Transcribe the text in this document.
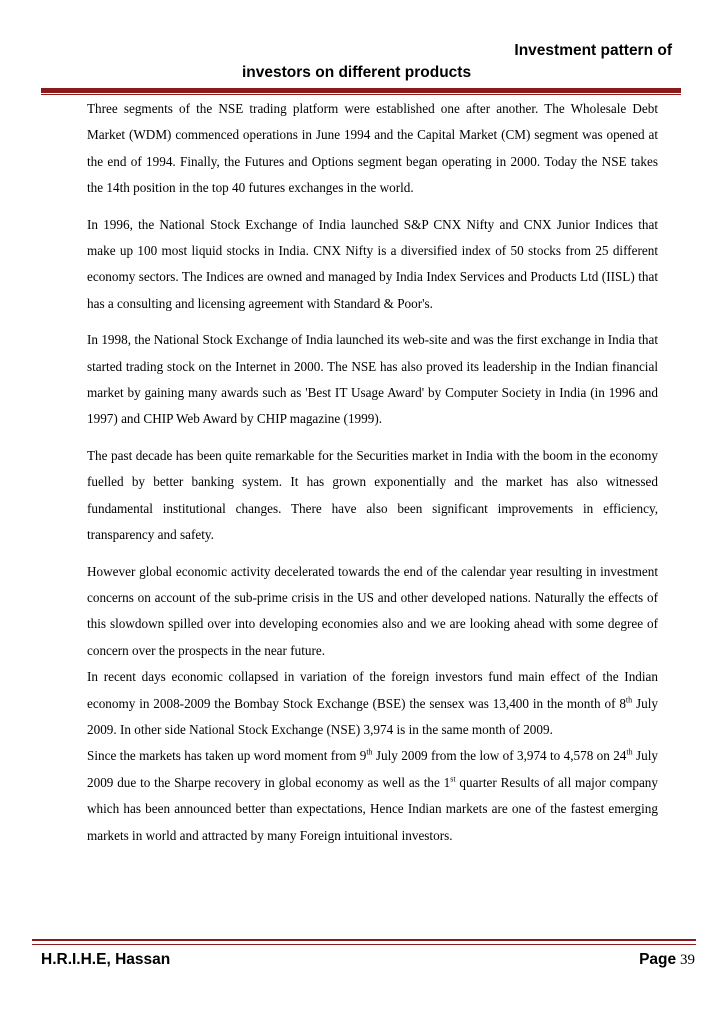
Investment pattern of
investors on different products

Three segments of the NSE trading platform were established one after another. The Wholesale Debt Market (WDM) commenced operations in June 1994 and the Capital Market (CM) segment was opened at the end of 1994. Finally, the Futures and Options segment began operating in 2000. Today the NSE takes the 14th position in the top 40 futures exchanges in the world.

In 1996, the National Stock Exchange of India launched S&P CNX Nifty and CNX Junior Indices that make up 100 most liquid stocks in India. CNX Nifty is a diversified index of 50 stocks from 25 different economy sectors. The Indices are owned and managed by India Index Services and Products Ltd (IISL) that has a consulting and licensing agreement with Standard & Poor's.

In 1998, the National Stock Exchange of India launched its web-site and was the first exchange in India that started trading stock on the Internet in 2000. The NSE has also proved its leadership in the Indian financial market by gaining many awards such as 'Best IT Usage Award' by Computer Society in India (in 1996 and 1997) and CHIP Web Award by CHIP magazine (1999).

The past decade has been quite remarkable for the Securities market in India with the boom in the economy fuelled by better banking system. It has grown exponentially and the market has also witnessed fundamental institutional changes. There have also been significant improvements in efficiency, transparency and safety.

However global economic activity decelerated towards the end of the calendar year resulting in investment concerns on account of the sub-prime crisis in the US and other developed nations. Naturally the effects of this slowdown spilled over into developing economies also and we are looking ahead with some degree of concern over the prospects in the near future.

In recent days economic collapsed in variation of the foreign investors fund main effect of the Indian economy in 2008-2009 the Bombay Stock Exchange (BSE) the sensex was 13,400 in the month of 8th July 2009. In other side National Stock Exchange (NSE) 3,974 is in the same month of 2009.

Since the markets has taken up word moment from 9th July 2009 from the low of 3,974 to 4,578 on 24th July 2009 due to the Sharpe recovery in global economy as well as the 1st quarter Results of all major company which has been announced better than expectations, Hence Indian markets are one of the fastest emerging markets in world and attracted by many Foreign intuitional investors.

H.R.I.H.E, Hassan	Page 39
